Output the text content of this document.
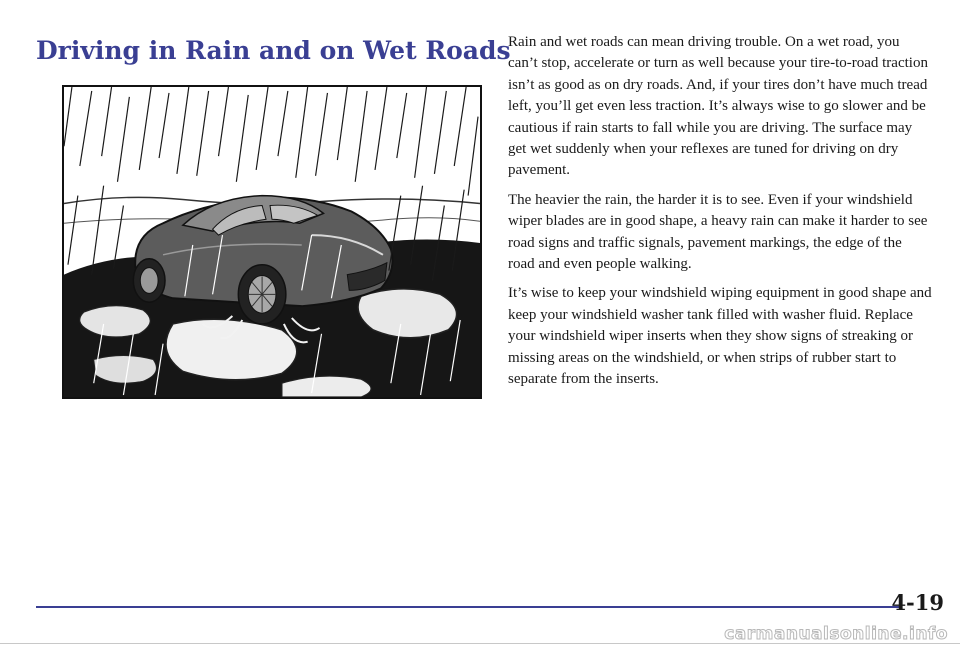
Driving in Rain and on Wet Roads

Rain and wet roads can mean driving trouble. On a wet road, you can’t stop, accelerate or turn as well because your tire-to-road traction isn’t as good as on dry roads. And, if your tires don’t have much tread left, you’ll get even less traction. It’s always wise to go slower and be cautious if rain starts to fall while you are driving. The surface may get wet suddenly when your reflexes are tuned for driving on dry pavement.

The heavier the rain, the harder it is to see. Even if your windshield wiper blades are in good shape, a heavy rain can make it harder to see road signs and traffic signals, pavement markings, the edge of the road and even people walking.

It’s wise to keep your windshield wiping equipment in good shape and keep your windshield washer tank filled with washer fluid. Replace your windshield wiper inserts when they show signs of streaking or missing areas on the windshield, or when strips of rubber start to separate from the inserts.

4-19
carmanualsonline.info
